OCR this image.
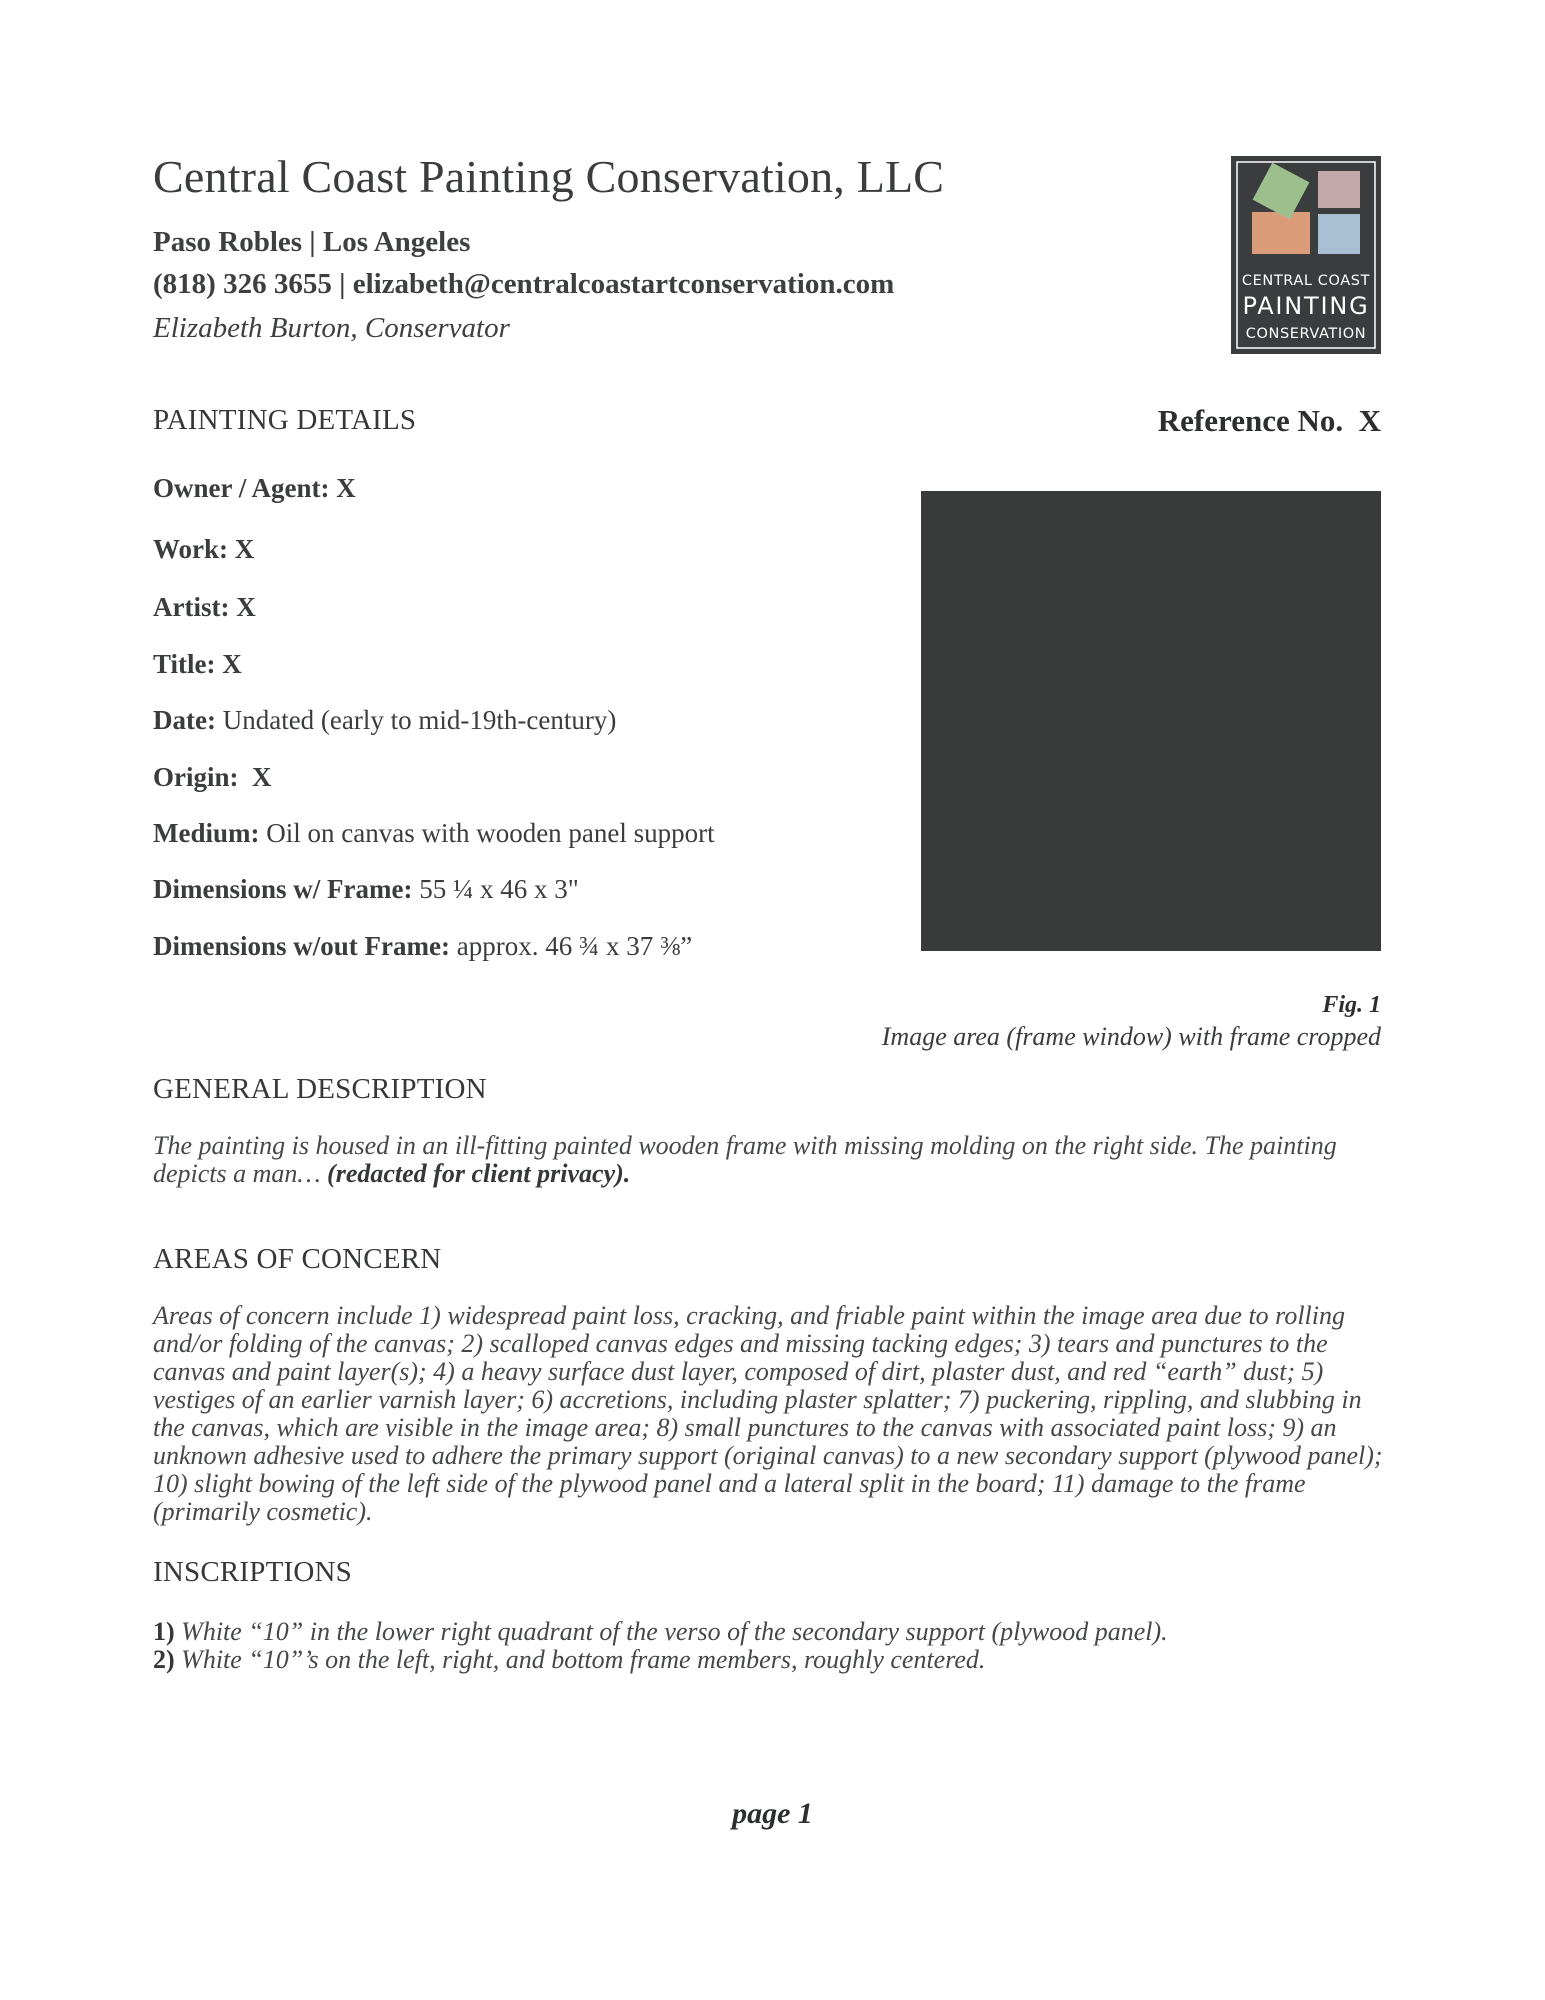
Central Coast Painting Conservation, LLC
Paso Robles | Los Angeles
(818) 326 3655 | elizabeth@centralcoastartconservation.com
Elizabeth Burton, Conservator
CENTRAL COAST
PAINTING
CONSERVATION
PAINTING DETAILS	Reference No. X
Owner / Agent: X
Work: X
Artist: X
Title: X
Date: Undated (early to mid-19th-century)
Origin: X
Medium: Oil on canvas with wooden panel support
Dimensions w/ Frame: 55 ¼ x 46 x 3"
Dimensions w/out Frame: approx. 46 ¾ x 37 ⅜”
Fig. 1
Image area (frame window) with frame cropped
GENERAL DESCRIPTION
The painting is housed in an ill-fitting painted wooden frame with missing molding on the right side. The painting depicts a man… (redacted for client privacy).
AREAS OF CONCERN
Areas of concern include 1) widespread paint loss, cracking, and friable paint within the image area due to rolling and/or folding of the canvas; 2) scalloped canvas edges and missing tacking edges; 3) tears and punctures to the canvas and paint layer(s); 4) a heavy surface dust layer, composed of dirt, plaster dust, and red “earth” dust; 5) vestiges of an earlier varnish layer; 6) accretions, including plaster splatter; 7) puckering, rippling, and slubbing in the canvas, which are visible in the image area; 8) small punctures to the canvas with associated paint loss; 9) an unknown adhesive used to adhere the primary support (original canvas) to a new secondary support (plywood panel); 10) slight bowing of the left side of the plywood panel and a lateral split in the board; 11) damage to the frame (primarily cosmetic).
INSCRIPTIONS
1) White “10” in the lower right quadrant of the verso of the secondary support (plywood panel).
2) White “10”’s on the left, right, and bottom frame members, roughly centered.
page 1
